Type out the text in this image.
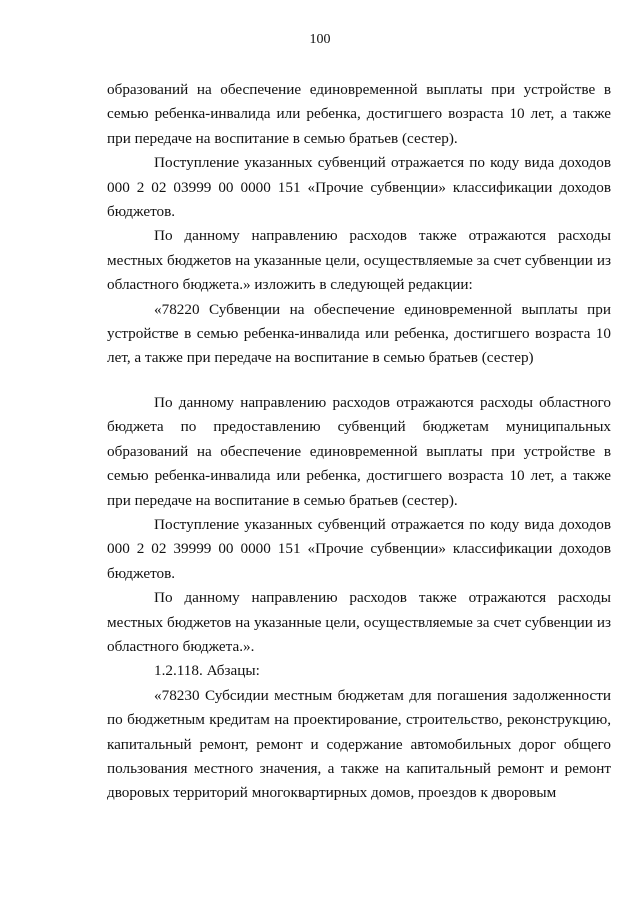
100

образований на обеспечение единовременной выплаты при устройстве в семью ребенка-инвалида или ребенка, достигшего возраста 10 лет, а также при передаче на воспитание в семью братьев (сестер).

Поступление указанных субвенций отражается по коду вида доходов 000 2 02 03999 00 0000 151 «Прочие субвенции» классификации доходов бюджетов.

По данному направлению расходов также отражаются расходы местных бюджетов на указанные цели, осуществляемые за счет субвенции из областного бюджета.» изложить в следующей редакции:

«78220 Субвенции на обеспечение единовременной выплаты при устройстве в семью ребенка-инвалида или ребенка, достигшего возраста 10 лет, а также при передаче на воспитание в семью братьев (сестер)

По данному направлению расходов отражаются расходы областного бюджета по предоставлению субвенций бюджетам муниципальных образований на обеспечение единовременной выплаты при устройстве в семью ребенка-инвалида или ребенка, достигшего возраста 10 лет, а также при передаче на воспитание в семью братьев (сестер).

Поступление указанных субвенций отражается по коду вида доходов 000 2 02 39999 00 0000 151 «Прочие субвенции» классификации доходов бюджетов.

По данному направлению расходов также отражаются расходы местных бюджетов на указанные цели, осуществляемые за счет субвенции из областного бюджета.».

1.2.118. Абзацы:

«78230 Субсидии местным бюджетам для погашения задолженности по бюджетным кредитам на проектирование, строительство, реконструкцию, капитальный ремонт, ремонт и содержание автомобильных дорог общего пользования местного значения, а также на капитальный ремонт и ремонт дворовых территорий многоквартирных домов, проездов к дворовым
